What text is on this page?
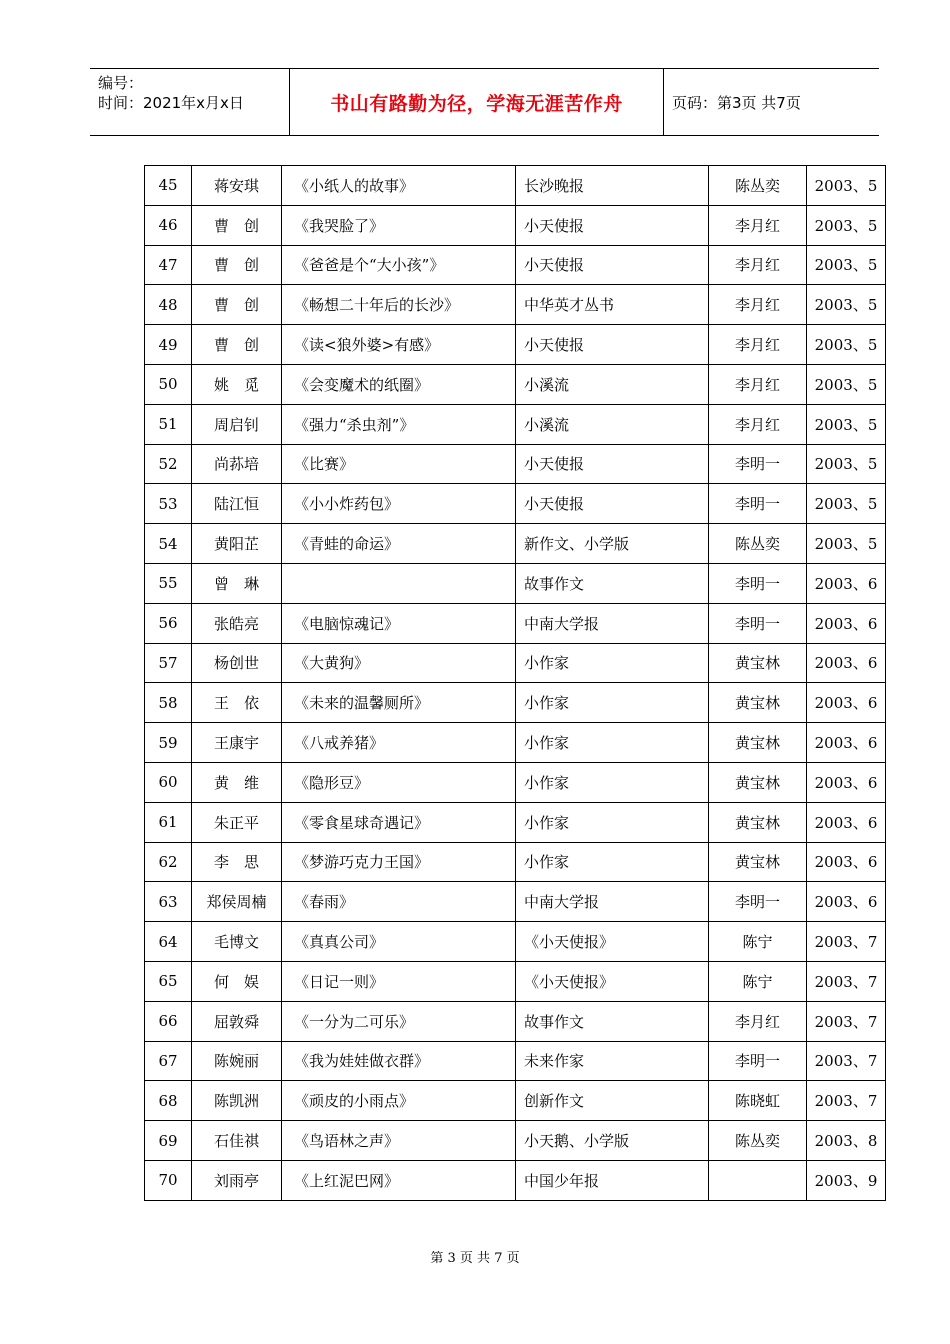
编号：
时间：2021年x月x日	书山有路勤为径，学海无涯苦作舟	页码：第3页 共7页
45	蒋安琪	《小纸人的故事》	长沙晚报	陈丛奕	2003、5
46	曹　创	《我哭脸了》	小天使报	李月红	2003、5
47	曹　创	《爸爸是个“大小孩”》	小天使报	李月红	2003、5
48	曹　创	《畅想二十年后的长沙》	中华英才丛书	李月红	2003、5
49	曹　创	《读<狼外婆>有感》	小天使报	李月红	2003、5
50	姚　觅	《会变魔术的纸圈》	小溪流	李月红	2003、5
51	周启钊	《强力“杀虫剂”》	小溪流	李月红	2003、5
52	尚荪培	《比赛》	小天使报	李明一	2003、5
53	陆江恒	《小小炸药包》	小天使报	李明一	2003、5
54	黄阳芷	《青蛙的命运》	新作文、小学版	陈丛奕	2003、5
55	曾　琳		故事作文	李明一	2003、6
56	张皓亮	《电脑惊魂记》	中南大学报	李明一	2003、6
57	杨创世	《大黄狗》	小作家	黄宝林	2003、6
58	王　依	《未来的温馨厕所》	小作家	黄宝林	2003、6
59	王康宇	《八戒养猪》	小作家	黄宝林	2003、6
60	黄　维	《隐形豆》	小作家	黄宝林	2003、6
61	朱正平	《零食星球奇遇记》	小作家	黄宝林	2003、6
62	李　思	《梦游巧克力王国》	小作家	黄宝林	2003、6
63	郑侯周楠	《春雨》	中南大学报	李明一	2003、6
64	毛博文	《真真公司》	《小天使报》	陈宁	2003、7
65	何　娱	《日记一则》	《小天使报》	陈宁	2003、7
66	屈敦舜	《一分为二可乐》	故事作文	李月红	2003、7
67	陈婉丽	《我为娃娃做衣群》	未来作家	李明一	2003、7
68	陈凯洲	《顽皮的小雨点》	创新作文	陈晓虹	2003、7
69	石佳祺	《鸟语林之声》	小天鹅、小学版	陈丛奕	2003、8
70	刘雨亭	《上红泥巴网》	中国少年报		2003、9
第 3 页 共 7 页
